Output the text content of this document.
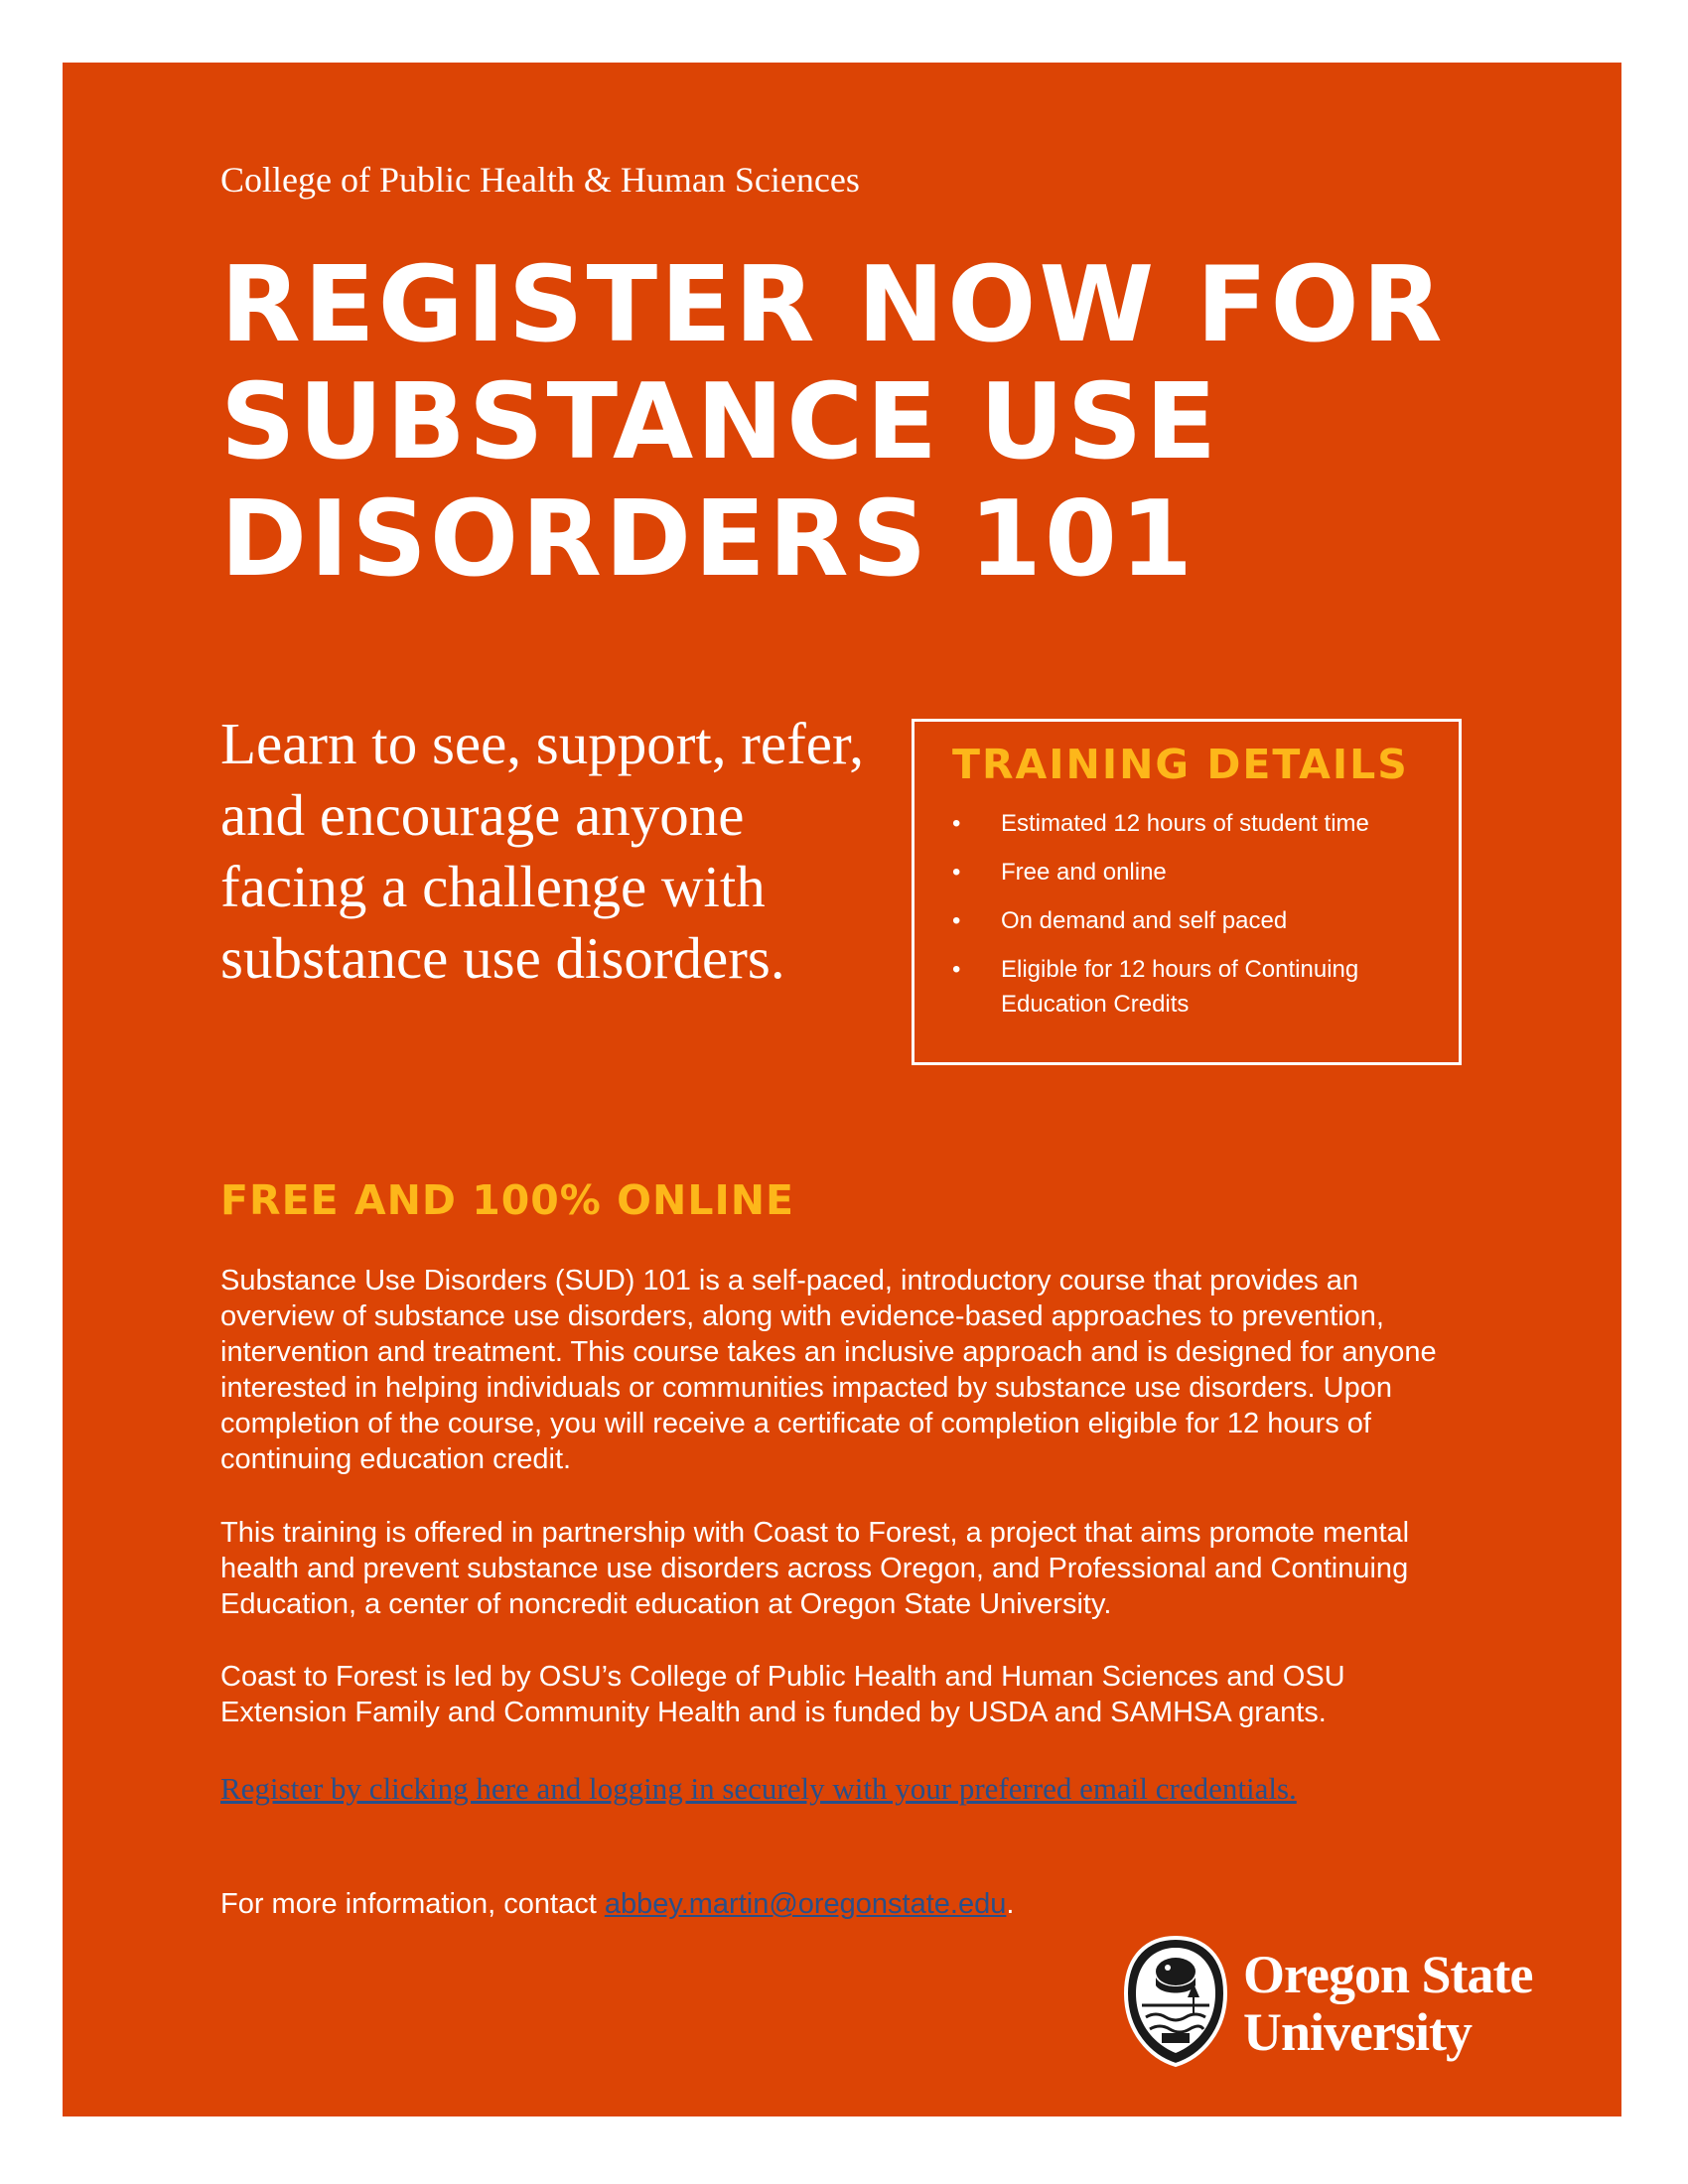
College of Public Health & Human Sciences

REGISTER NOW FOR
SUBSTANCE USE
DISORDERS 101

Learn to see, support, refer, and encourage anyone facing a challenge with substance use disorders.

TRAINING DETAILS
• Estimated 12 hours of student time
• Free and online
• On demand and self paced
• Eligible for 12 hours of Continuing Education Credits
FREE AND 100% ONLINE

Substance Use Disorders (SUD) 101 is a self-paced, introductory course that provides an overview of substance use disorders, along with evidence-based approaches to prevention, intervention and treatment. This course takes an inclusive approach and is designed for anyone interested in helping individuals or communities impacted by substance use disorders. Upon completion of the course, you will receive a certificate of completion eligible for 12 hours of continuing education credit.

This training is offered in partnership with Coast to Forest, a project that aims promote mental health and prevent substance use disorders across Oregon, and Professional and Continuing Education, a center of noncredit education at Oregon State University.

Coast to Forest is led by OSU’s College of Public Health and Human Sciences and OSU Extension Family and Community Health and is funded by USDA and SAMHSA grants.

Register by clicking here and logging in securely with your preferred email credentials.

For more information, contact abbey.martin@oregonstate.edu.

Oregon State

University
